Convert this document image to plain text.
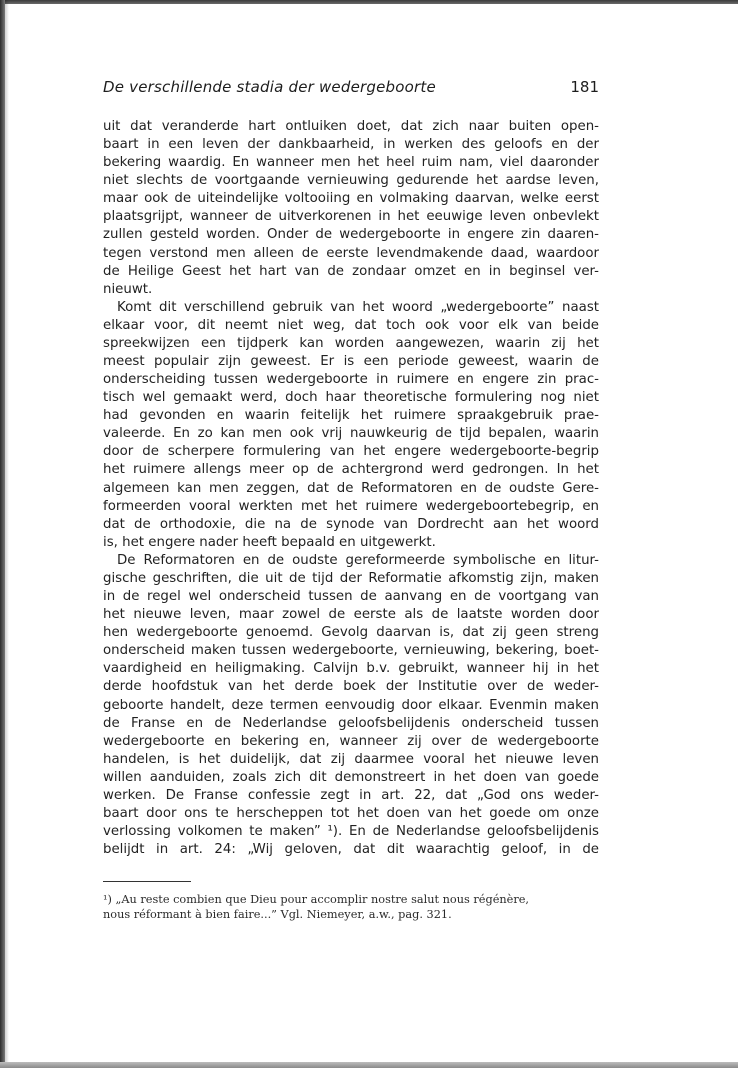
De verschillende stadia der wedergeboorte	181
uit dat veranderde hart ontluiken doet, dat zich naar buiten open-
baart in een leven der dankbaarheid, in werken des geloofs en der
bekering waardig. En wanneer men het heel ruim nam, viel daaronder
niet slechts de voortgaande vernieuwing gedurende het aardse leven,
maar ook de uiteindelijke voltooiing en volmaking daarvan, welke eerst
plaatsgrijpt, wanneer de uitverkorenen in het eeuwige leven onbevlekt
zullen gesteld worden. Onder de wedergeboorte in engere zin daaren-
tegen verstond men alleen de eerste levendmakende daad, waardoor
de Heilige Geest het hart van de zondaar omzet en in beginsel ver-
nieuwt.
Komt dit verschillend gebruik van het woord „wedergeboorte” naast
elkaar voor, dit neemt niet weg, dat toch ook voor elk van beide
spreekwijzen een tijdperk kan worden aangewezen, waarin zij het
meest populair zijn geweest. Er is een periode geweest, waarin de
onderscheiding tussen wedergeboorte in ruimere en engere zin prac-
tisch wel gemaakt werd, doch haar theoretische formulering nog niet
had gevonden en waarin feitelijk het ruimere spraakgebruik prae-
valeerde. En zo kan men ook vrij nauwkeurig de tijd bepalen, waarin
door de scherpere formulering van het engere wedergeboorte-begrip
het ruimere allengs meer op de achtergrond werd gedrongen. In het
algemeen kan men zeggen, dat de Reformatoren en de oudste Gere-
formeerden vooral werkten met het ruimere wedergeboortebegrip, en
dat de orthodoxie, die na de synode van Dordrecht aan het woord
is, het engere nader heeft bepaald en uitgewerkt.
De Reformatoren en de oudste gereformeerde symbolische en litur-
gische geschriften, die uit de tijd der Reformatie afkomstig zijn, maken
in de regel wel onderscheid tussen de aanvang en de voortgang van
het nieuwe leven, maar zowel de eerste als de laatste worden door
hen wedergeboorte genoemd. Gevolg daarvan is, dat zij geen streng
onderscheid maken tussen wedergeboorte, vernieuwing, bekering, boet-
vaardigheid en heiligmaking. Calvijn b.v. gebruikt, wanneer hij in het
derde hoofdstuk van het derde boek der Institutie over de weder-
geboorte handelt, deze termen eenvoudig door elkaar. Evenmin maken
de Franse en de Nederlandse geloofsbelijdenis onderscheid tussen
wedergeboorte en bekering en, wanneer zij over de wedergeboorte
handelen, is het duidelijk, dat zij daarmee vooral het nieuwe leven
willen aanduiden, zoals zich dit demonstreert in het doen van goede
werken. De Franse confessie zegt in art. 22, dat „God ons weder-
baart door ons te herscheppen tot het doen van het goede om onze
verlossing volkomen te maken” ¹). En de Nederlandse geloofsbelijdenis
belijdt in art. 24: „Wij geloven, dat dit waarachtig geloof, in de
¹) „Au reste combien que Dieu pour accomplir nostre salut nous régénère,
nous réformant à bien faire...” Vgl. Niemeyer, a.w., pag. 321.
